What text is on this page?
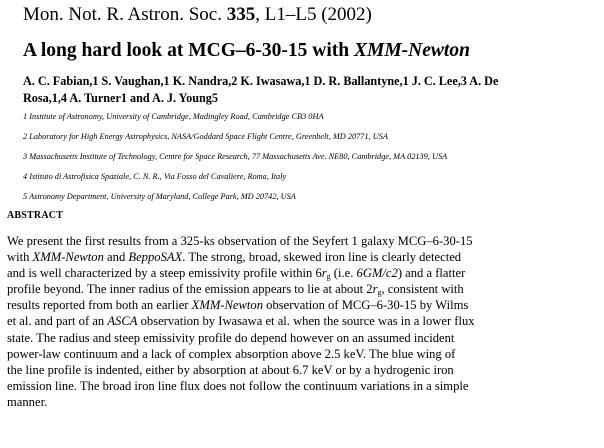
Mon. Not. R. Astron. Soc. 335, L1–L5 (2002)
A long hard look at MCG–6-30-15 with XMM-Newton
A. C. Fabian,1 S. Vaughan,1 K. Nandra,2 K. Iwasawa,1 D. R. Ballantyne,1 J. C. Lee,3 A. De
Rosa,1,4 A. Turner1 and A. J. Young5
1 Institute of Astronomy, University of Cambridge, Madingley Road, Cambridge CB3 0HA
2 Laboratory for High Energy Astrophysics, NASA/Goddard Space Flight Centre, Greenbelt, MD 20771, USA
3 Massachusetts Institute of Technology, Centre for Space Research, 77 Massachusetts Ave. NE80, Cambridge, MA 02139, USA
4 Istituto di Astrofisica Spaziale, C. N. R., Via Fosso del Cavaliere, Roma, Italy
5 Astronomy Department, University of Maryland, College Park, MD 20742, USA
ABSTRACT
We present the first results from a 325-ks observation of the Seyfert 1 galaxy MCG–6-30-15
with XMM-Newton and BeppoSAX. The strong, broad, skewed iron line is clearly detected
and is well characterized by a steep emissivity profile within $6r_g$ (i.e. 6GM/c2) and a flatter
profile beyond. The inner radius of the emission appears to lie at about $2r_g$, consistent with
results reported from both an earlier XMM-Newton observation of MCG–6-30-15 by Wilms
et al. and part of an ASCA observation by Iwasawa et al. when the source was in a lower flux
state. The radius and steep emissivity profile do depend however on an assumed incident
power-law continuum and a lack of complex absorption above 2.5 keV. The blue wing of
the line profile is indented, either by absorption at about 6.7 keV or by a hydrogenic iron
emission line. The broad iron line flux does not follow the continuum variations in a simple
manner.
